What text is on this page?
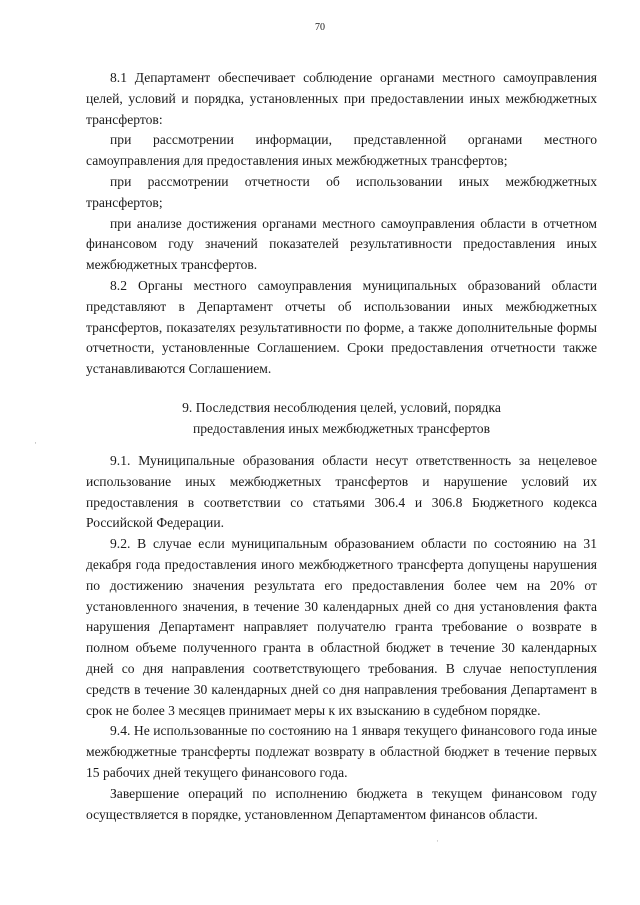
70

8.1 Департамент обеспечивает соблюдение органами местного самоуправления целей, условий и порядка, установленных при предоставлении иных межбюджетных трансфертов:

при рассмотрении информации, представленной органами местного самоуправления для предоставления иных межбюджетных трансфертов;

при рассмотрении отчетности об использовании иных межбюджетных трансфертов;

при анализе достижения органами местного самоуправления области в отчетном финансовом году значений показателей результативности предоставления иных межбюджетных трансфертов.

8.2 Органы местного самоуправления муниципальных образований области представляют в Департамент отчеты об использовании иных межбюджетных трансфертов, показателях результативности по форме, а также дополнительные формы отчетности, установленные Соглашением. Сроки предоставления отчетности также устанавливаются Соглашением.

9. Последствия несоблюдения целей, условий, порядка
предоставления иных межбюджетных трансфертов
·

9.1. Муниципальные образования области несут ответственность за нецелевое использование иных межбюджетных трансфертов и нарушение условий их предоставления в соответствии со статьями 306.4 и 306.8 Бюджетного кодекса Российской Федерации.

9.2. В случае если муниципальным образованием области по состоянию на 31 декабря года предоставления иного межбюджетного трансферта допущены нарушения по достижению значения результата его предоставления более чем на 20% от установленного значения, в течение 30 календарных дней со дня установления факта нарушения Департамент направляет получателю гранта требование о возврате в полном объеме полученного гранта в областной бюджет в течение 30 календарных дней со дня направления соответствующего требования. В случае непоступления средств в течение 30 календарных дней со дня направления требования Департамент в срок не более 3 месяцев принимает меры к их взысканию в судебном порядке.

9.4. Не использованные по состоянию на 1 января текущего финансового года иные межбюджетные трансферты подлежат возврату в областной бюджет в течение первых 15 рабочих дней текущего финансового года.

Завершение операций по исполнению бюджета в текущем финансовом году осуществляется в порядке, установленном Департаментом финансов области.

·
